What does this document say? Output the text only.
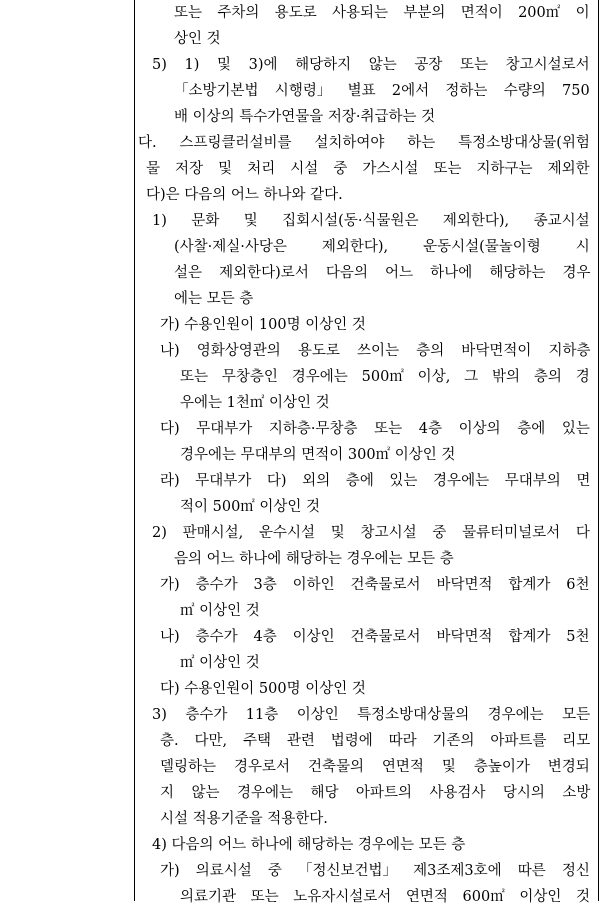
또는 주차의 용도로 사용되는 부분의 면적이 200㎡ 이
상인 것
5) 1) 및 3)에 해당하지 않는 공장 또는 창고시설로서
「소방기본법 시행령」 별표 2에서 정하는 수량의 750
배 이상의 특수가연물을 저장·취급하는 것
다. 스프링클러설비를 설치하여야 하는 특정소방대상물(위험
물 저장 및 처리 시설 중 가스시설 또는 지하구는 제외한
다)은 다음의 어느 하나와 같다.
1) 문화 및 집회시설(동·식물원은 제외한다), 종교시설
(사찰·제실·사당은 제외한다), 운동시설(물놀이형 시
설은 제외한다)로서 다음의 어느 하나에 해당하는 경우
에는 모든 층
가) 수용인원이 100명 이상인 것
나) 영화상영관의 용도로 쓰이는 층의 바닥면적이 지하층
또는 무창층인 경우에는 500㎡ 이상, 그 밖의 층의 경
우에는 1천㎡ 이상인 것
다) 무대부가 지하층·무창층 또는 4층 이상의 층에 있는
경우에는 무대부의 면적이 300㎡ 이상인 것
라) 무대부가 다) 외의 층에 있는 경우에는 무대부의 면
적이 500㎡ 이상인 것
2) 판매시설, 운수시설 및 창고시설 중 물류터미널로서 다
음의 어느 하나에 해당하는 경우에는 모든 층
가) 층수가 3층 이하인 건축물로서 바닥면적 합계가 6천
㎡ 이상인 것
나) 층수가 4층 이상인 건축물로서 바닥면적 합계가 5천
㎡ 이상인 것
다) 수용인원이 500명 이상인 것
3) 층수가 11층 이상인 특정소방대상물의 경우에는 모든
층. 다만, 주택 관련 법령에 따라 기존의 아파트를 리모
델링하는 경우로서 건축물의 연면적 및 층높이가 변경되
지 않는 경우에는 해당 아파트의 사용검사 당시의 소방
시설 적용기준을 적용한다.
4) 다음의 어느 하나에 해당하는 경우에는 모든 층
가) 의료시설 중 「정신보건법」 제3조제3호에 따른 정신
의료기관 또는 노유자시설로서 연면적 600㎡ 이상인 것
